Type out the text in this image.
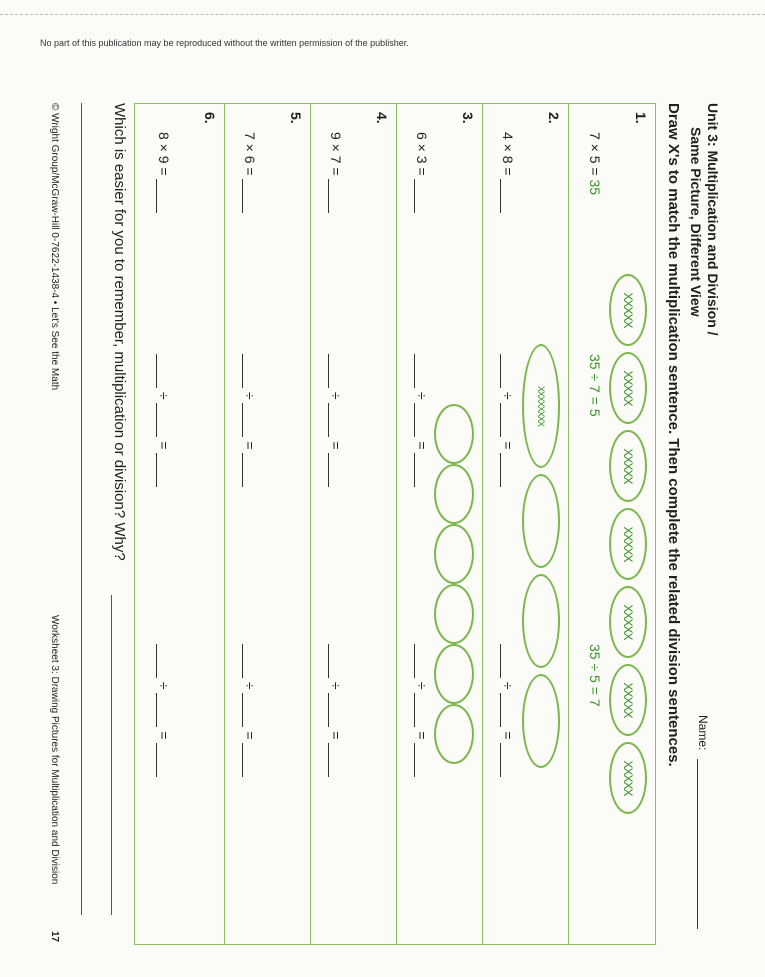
No part of this publication may be reproduced without the written permission of the publisher.
Unit 3: Multiplication and Division /
Same Picture, Different View
Name:
Draw X's to match the multiplication sentence. Then complete the related division sentences.
1.
XXXXX
XXXXX
XXXXX
XXXXX
XXXXX
XXXXX
XXXXX
7 × 5 = 35
35 ÷ 7 = 5
35 ÷ 5 = 7
2.
XXXXXXXX
4 × 8 =
÷  =
÷  =
3.
6 × 3 =
÷  =
÷  =
4.
9 × 7 =
÷  =
÷  =
5.
7 × 6 =
÷  =
÷  =
6.
8 × 9 =
÷  =
÷  =
Which is easier for you to remember, multiplication or division? Why?
© Wright Group/McGraw-Hill 0-7622-1438-4 • Let's See the Math
Worksheet 3: Drawing Pictures for Multiplication and Division
17
